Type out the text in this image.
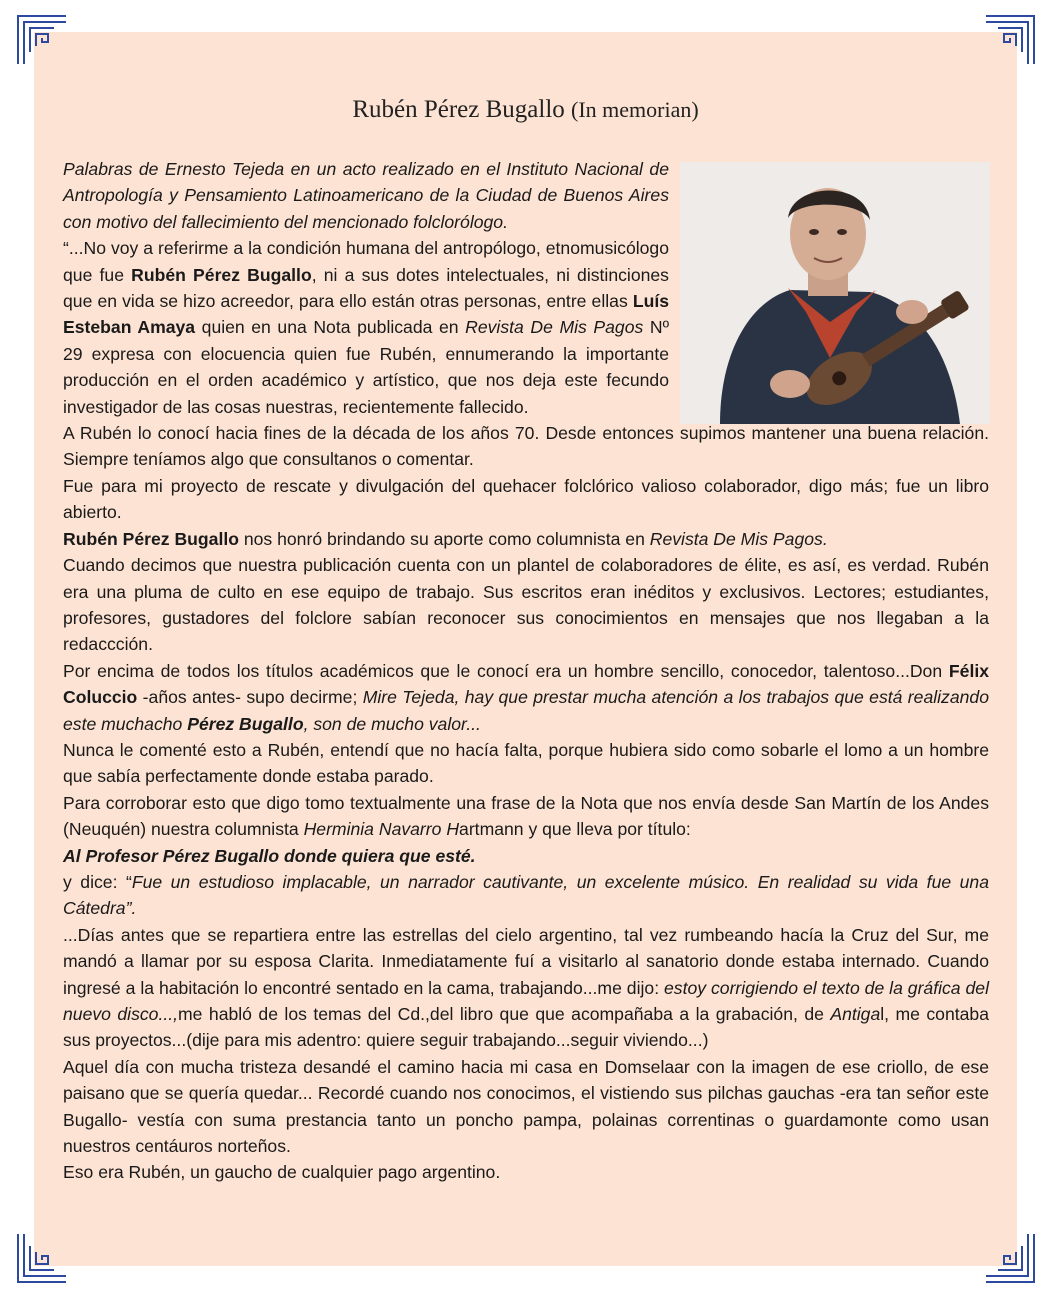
Rubén Pérez Bugallo (In memorian)

Palabras de Ernesto Tejeda en un acto realizado en el Instituto Nacional de Antropología y Pensamiento Latinoamericano de la Ciudad de Buenos Aires con motivo del fallecimiento del mencionado folclorólogo.

“...No voy a referirme a la condición humana del antropólogo, etnomusicólogo que fue Rubén Pérez Bugallo, ni a sus dotes intelectuales, ni distinciones que en vida se hizo acreedor, para ello están otras personas, entre ellas Luís Esteban Amaya quien en una Nota publicada en Revista De Mis Pagos Nº 29 expresa con elocuencia quien fue Rubén, ennumerando la importante producción en el orden académico y artístico, que nos deja este fecundo investigador de las cosas nuestras, recientemente fallecido.

A Rubén lo conocí hacia fines de la década de los años 70. Desde entonces supimos mantener una buena relación. Siempre teníamos algo que consultanos o comentar.

Fue para mi proyecto de rescate y divulgación del quehacer folclórico valioso colaborador, digo más; fue un libro abierto.

Rubén Pérez Bugallo nos honró brindando su aporte como columnista en Revista De Mis Pagos.

Cuando decimos que nuestra publicación cuenta con un plantel de colaboradores de élite, es así, es verdad. Rubén era una pluma de culto en ese equipo de trabajo. Sus escritos eran inéditos y exclusivos. Lectores; estudiantes, profesores, gustadores del folclore sabían reconocer sus conocimientos en mensajes que nos llegaban a la redaccción.

Por encima de todos los títulos académicos que le conocí era un hombre sencillo, conocedor, talentoso...Don Félix Coluccio -años antes- supo decirme; Mire Tejeda, hay que prestar mucha atención a los trabajos que está realizando este muchacho Pérez Bugallo, son de mucho valor...

Nunca le comenté esto a Rubén, entendí que no hacía falta, porque hubiera sido como sobarle el lomo a un hombre que sabía perfectamente donde estaba parado.

Para corroborar esto que digo tomo textualmente una frase de la Nota que nos envía desde San Martín de los Andes (Neuquén) nuestra columnista Herminia Navarro Hartmann y que lleva por título:

Al Profesor Pérez Bugallo donde quiera que esté.

y dice: “Fue un estudioso implacable, un narrador cautivante, un excelente músico. En realidad su vida fue una Cátedra”.

...Días antes que se repartiera entre las estrellas del cielo argentino, tal vez rumbeando hacía la Cruz del Sur, me mandó a llamar por su esposa Clarita. Inmediatamente fuí a visitarlo al sanatorio donde estaba internado. Cuando ingresé a la habitación lo encontré sentado en la cama, trabajando...me dijo: estoy corrigiendo el texto de la gráfica del nuevo disco...,me habló de los temas del Cd.,del libro que que acompañaba a la grabación, de Antigal, me contaba sus proyectos...(dije para mis adentro: quiere seguir trabajando...seguir viviendo...)

Aquel día con mucha tristeza desandé el camino hacia mi casa en Domselaar con la imagen de ese criollo, de ese paisano que se quería quedar... Recordé cuando nos conocimos, el vistiendo sus pilchas gauchas -era tan señor este Bugallo- vestía con suma prestancia tanto un poncho pampa, polainas correntinas o guardamonte como usan nuestros centáuros norteños.

Eso era Rubén, un gaucho de cualquier pago argentino.
